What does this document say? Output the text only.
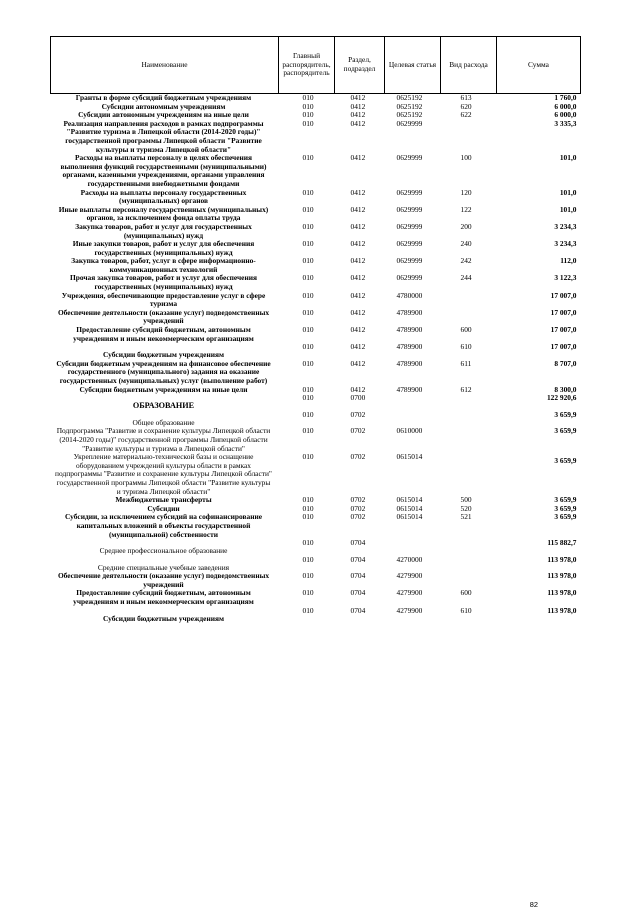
Наименование	Главный распорядитель, распорядитель	Раздел, подраздел	Целевая статья	Вид расхода	Сумма
Гранты в форме субсидий бюджетным учреждениям	010	0412	0625192	613	1 760,0
Субсидии автономным учреждениям	010	0412	0625192	620	6 000,0
Субсидии автономным учреждениям на иные цели	010	0412	0625192	622	6 000,0
Реализация направления расходов в рамках подпрограммы "Развитие туризма в Липецкой области (2014-2020 годы)" государственной программы Липецкой области "Развитие культуры и туризма Липецкой области"	010	0412	0629999		3 335,3
Расходы на выплаты персоналу в целях обеспечения выполнения функций государственными (муниципальными) органами, казенными учреждениями, органами управления государственными внебюджетными фондами	010	0412	0629999	100	101,0
Расходы на выплаты персоналу государственных (муниципальных) органов	010	0412	0629999	120	101,0
Иные выплаты персоналу государственных (муниципальных) органов, за исключением фонда оплаты труда	010	0412	0629999	122	101,0
Закупка товаров, работ и услуг для государственных (муниципальных) нужд	010	0412	0629999	200	3 234,3
Иные закупки товаров, работ и услуг для обеспечения государственных (муниципальных) нужд	010	0412	0629999	240	3 234,3
Закупка товаров, работ, услуг в сфере информационно-коммуникационных технологий	010	0412	0629999	242	112,0
Прочая закупка товаров, работ и услуг для обеспечения государственных (муниципальных) нужд	010	0412	0629999	244	3 122,3
Учреждения, обеспечивающие предоставление услуг в сфере туризма	010	0412	4780000		17 007,0
Обеспечение деятельности (оказание услуг) подведомственных учреждений	010	0412	4789900		17 007,0
Предоставление субсидий бюджетным, автономным учреждениям и иным некоммерческим организациям	010	0412	4789900	600	17 007,0
Субсидии бюджетным учреждениям	010	0412	4789900	610	17 007,0
Субсидии бюджетным учреждениям на финансовое обеспечение государственного (муниципального) задания на оказание государственных (муниципальных) услуг (выполнение работ)	010	0412	4789900	611	8 707,0
Субсидии бюджетным учреждениям на иные цели	010	0412	4789900	612	8 300,0
ОБРАЗОВАНИЕ	010	0700			122 920,6
Общее образование	010	0702			3 659,9
Подпрограмма "Развитие и сохранение культуры Липецкой области (2014-2020 годы)" государственной программы Липецкой области "Развитие культуры и туризма в Липецкой области"	010	0702	0610000		3 659,9
Укрепление материально-технической базы и оснащение оборудованием учреждений культуры области в рамках подпрограммы "Развитие и сохранение культуры Липецкой области" государственной программы Липецкой области "Развитие культуры и туризма Липецкой области"	010	0702	0615014		3 659,9
Межбюджетные трансферты	010	0702	0615014	500	3 659,9
Субсидии	010	0702	0615014	520	3 659,9
Субсидии, за исключением субсидий на софинансирование капитальных вложений в объекты государственной (муниципальной) собственности	010	0702	0615014	521	3 659,9
Среднее профессиональное образование	010	0704			115 882,7
Средние специальные учебные заведения	010	0704	4270000		113 978,0
Обеспечение деятельности (оказание услуг) подведомственных учреждений	010	0704	4279900		113 978,0
Предоставление субсидий бюджетным, автономным учреждениям и иным некоммерческим организациям	010	0704	4279900	600	113 978,0
Субсидии бюджетным учреждениям	010	0704	4279900	610	113 978,0
82
